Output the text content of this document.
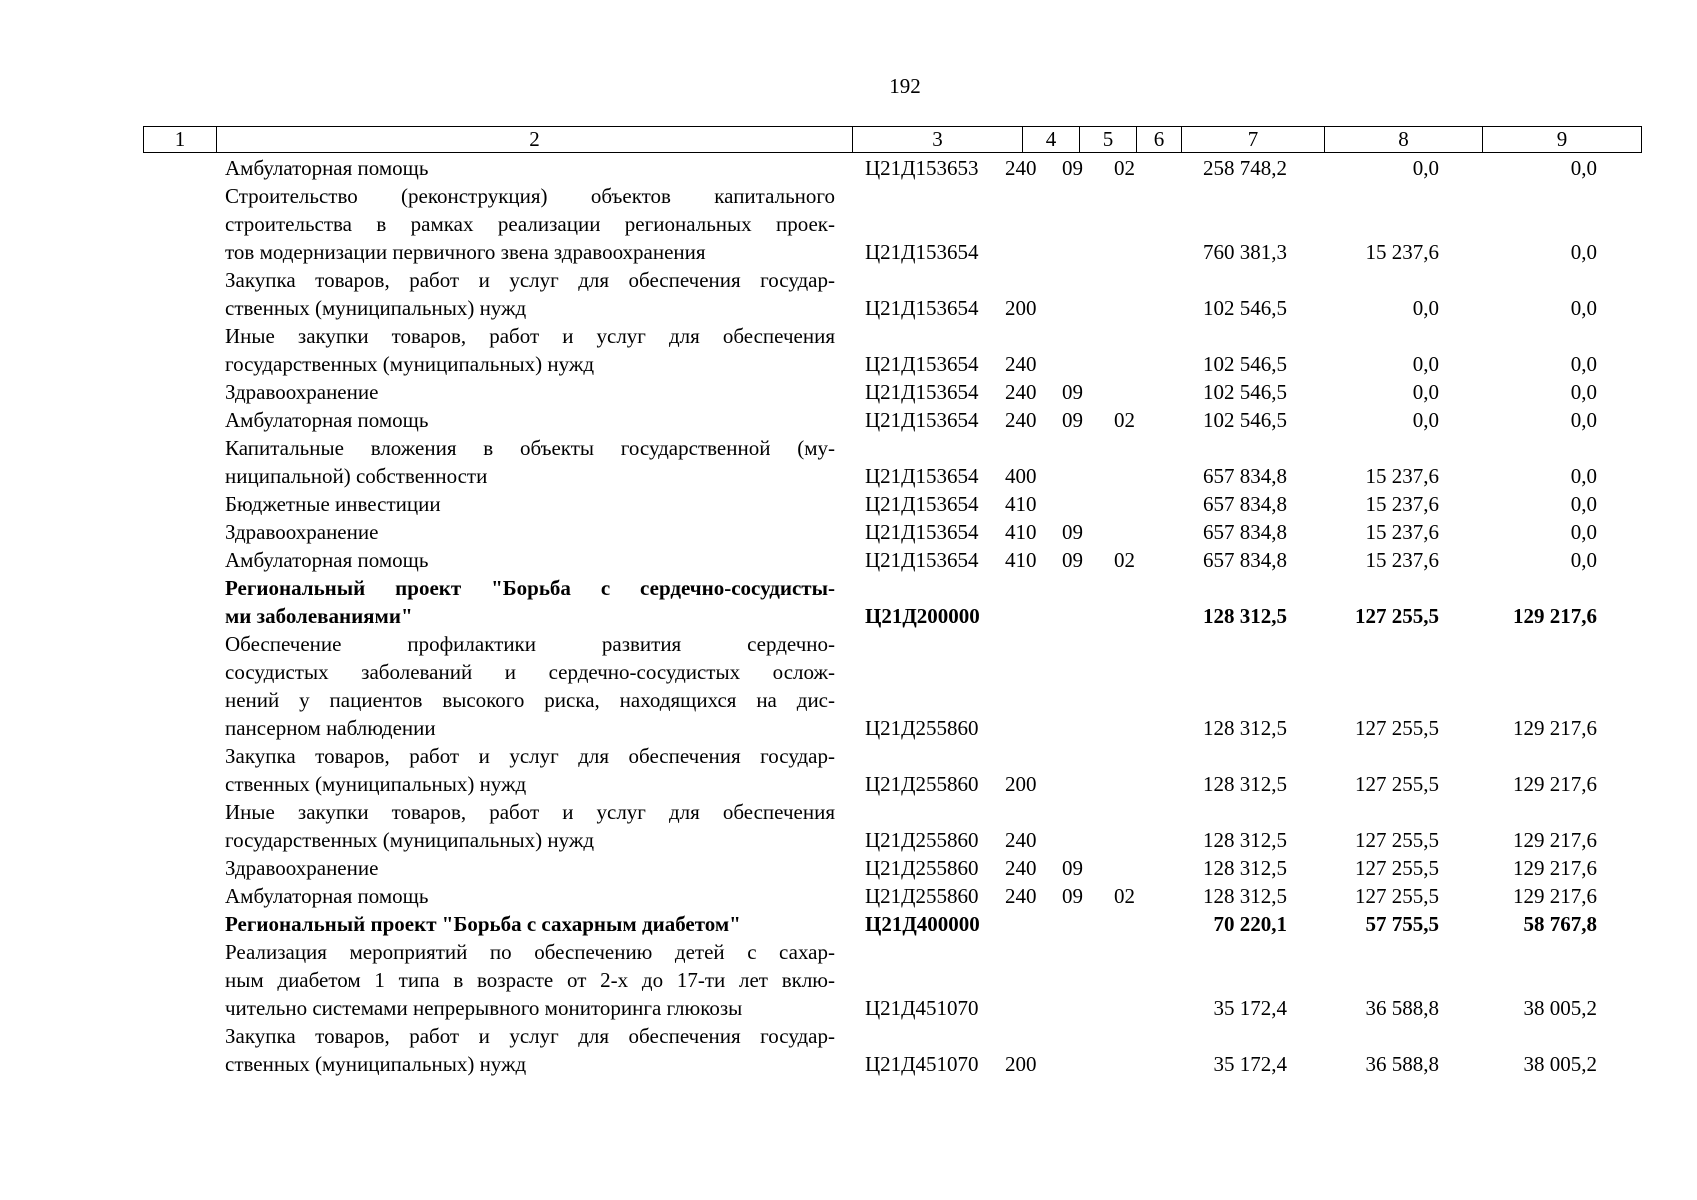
192
1	2	3	4	5	6	7	8	9
Амбулаторная помощь	Ц21Д153653	240	09	02	258 748,2	0,0	0,0
Строительство (реконструкция) объектов капитального
строительства в рамках реализации региональных проек-
тов модернизации первичного звена здравоохранения	Ц21Д153654	760 381,3	15 237,6	0,0
Закупка товаров, работ и услуг для обеспечения государ-
ственных (муниципальных) нужд	Ц21Д153654	200	102 546,5	0,0	0,0
Иные закупки товаров, работ и услуг для обеспечения
государственных (муниципальных) нужд	Ц21Д153654	240	102 546,5	0,0	0,0
Здравоохранение	Ц21Д153654	240	09	102 546,5	0,0	0,0
Амбулаторная помощь	Ц21Д153654	240	09	02	102 546,5	0,0	0,0
Капитальные вложения в объекты государственной (му-
ниципальной) собственности	Ц21Д153654	400	657 834,8	15 237,6	0,0
Бюджетные инвестиции	Ц21Д153654	410	657 834,8	15 237,6	0,0
Здравоохранение	Ц21Д153654	410	09	657 834,8	15 237,6	0,0
Амбулаторная помощь	Ц21Д153654	410	09	02	657 834,8	15 237,6	0,0
Региональный проект "Борьба с сердечно-сосудисты-
ми заболеваниями"	Ц21Д200000	128 312,5	127 255,5	129 217,6
Обеспечение профилактики развития сердечно-
сосудистых заболеваний и сердечно-сосудистых ослож-
нений у пациентов высокого риска, находящихся на дис-
пансерном наблюдении	Ц21Д255860	128 312,5	127 255,5	129 217,6
Закупка товаров, работ и услуг для обеспечения государ-
ственных (муниципальных) нужд	Ц21Д255860	200	128 312,5	127 255,5	129 217,6
Иные закупки товаров, работ и услуг для обеспечения
государственных (муниципальных) нужд	Ц21Д255860	240	128 312,5	127 255,5	129 217,6
Здравоохранение	Ц21Д255860	240	09	128 312,5	127 255,5	129 217,6
Амбулаторная помощь	Ц21Д255860	240	09	02	128 312,5	127 255,5	129 217,6
Региональный проект "Борьба с сахарным диабетом"	Ц21Д400000	70 220,1	57 755,5	58 767,8
Реализация мероприятий по обеспечению детей с сахар-
ным диабетом 1 типа в возрасте от 2-х до 17-ти лет вклю-
чительно системами непрерывного мониторинга глюкозы	Ц21Д451070	35 172,4	36 588,8	38 005,2
Закупка товаров, работ и услуг для обеспечения государ-
ственных (муниципальных) нужд	Ц21Д451070	200	35 172,4	36 588,8	38 005,2
